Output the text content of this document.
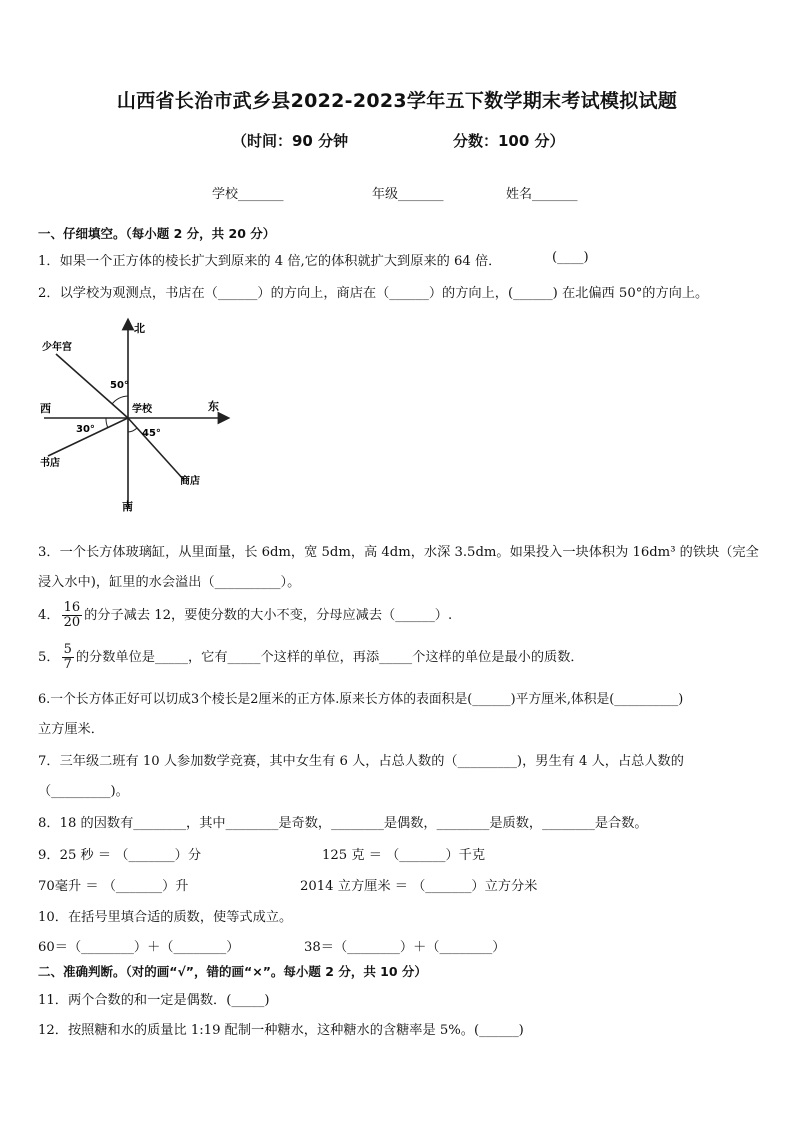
山西省长治市武乡县2022-2023学年五下数学期末考试模拟试题
（时间：90 分钟	分数：100 分）
学校_______	年级_______	姓名_______
一、仔细填空。（每小题 2 分，共 20 分）
1．如果一个正方体的棱长扩大到原来的 4 倍,它的体积就扩大到原来的 64 倍．	(____)
2．以学校为观测点，书店在（______）的方向上，商店在（______）的方向上，(______) 在北偏西 50°的方向上。
北
南
西	东
学校
少年宫
书店
商店
50°
30°	45°
3．一个长方体玻璃缸，从里面量，长 6dm，宽 5dm，高 4dm，水深 3.5dm。如果投入一块体积为 16dm³ 的铁块（完全
浸入水中)，缸里的水会溢出（__________）。
4． $\frac{16}{20}$ 的分子减去 12，要使分数的大小不变，分母应减去（______）.
5． $\frac{5}{7}$ 的分数单位是_____，它有_____个这样的单位，再添_____个这样的单位是最小的质数．
6.一个长方体正好可以切成3个棱长是2厘米的正方体.原来长方体的表面积是(______)平方厘米,体积是(__________)
立方厘米．
7．三年级二班有 10 人参加数学竞赛，其中女生有 6 人，占总人数的（_________)，男生有 4 人，占总人数的
（_________)。
8．18 的因数有________，其中________是奇数，________是偶数，________是质数，________是合数。
9．25 秒 ＝ （_______）分	125 克 ＝ （_______）千克
70毫升 ＝ （_______）升	2014 立方厘米 ＝ （_______）立方分米
10．在括号里填合适的质数，使等式成立。
60＝（________）＋（________）	38＝（________）＋（________）
二、准确判断。（对的画“√”，错的画“×”。每小题 2 分，共 10 分）
11．两个合数的和一定是偶数．(_____)
12．按照糖和水的质量比 1:19 配制一种糖水，这种糖水的含糖率是 5%。(______)
